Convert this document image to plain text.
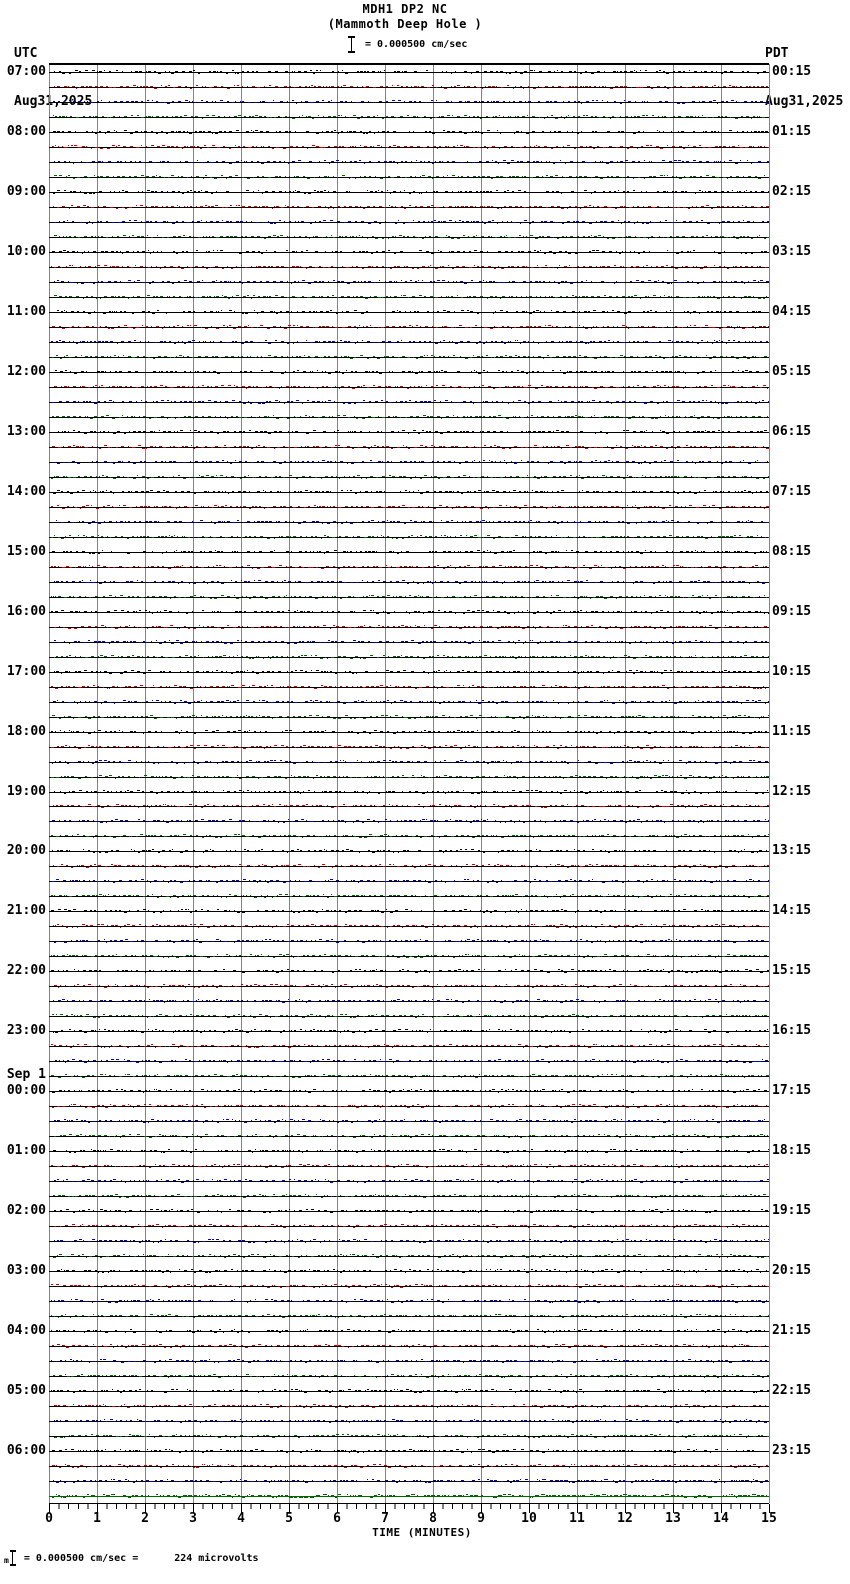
UTC

Aug31,2025

MDH1 DP2 NC
(Mammoth Deep Hole )
= 0.000500 cm/sec

PDT

Aug31,2025

07:00
08:00
09:00
10:00
11:00
12:00
13:00
14:00
15:00
16:00
17:00
18:00
19:00
20:00
21:00
22:00
23:00
Sep 1
00:00
01:00
02:00
03:00
04:00
05:00
06:00
00:15
01:15
02:15
03:15
04:15
05:15
06:15
07:15
08:15
09:15
10:15
11:15
12:15
13:15
14:15
15:15
16:15
17:15
18:15
19:15
20:15
21:15
22:15
23:15
0	1	2	3	4	5	6	7	8	9	10	11	12	13	14	15
TIME (MINUTES)
m = 0.000500 cm/sec =	224 microvolts
